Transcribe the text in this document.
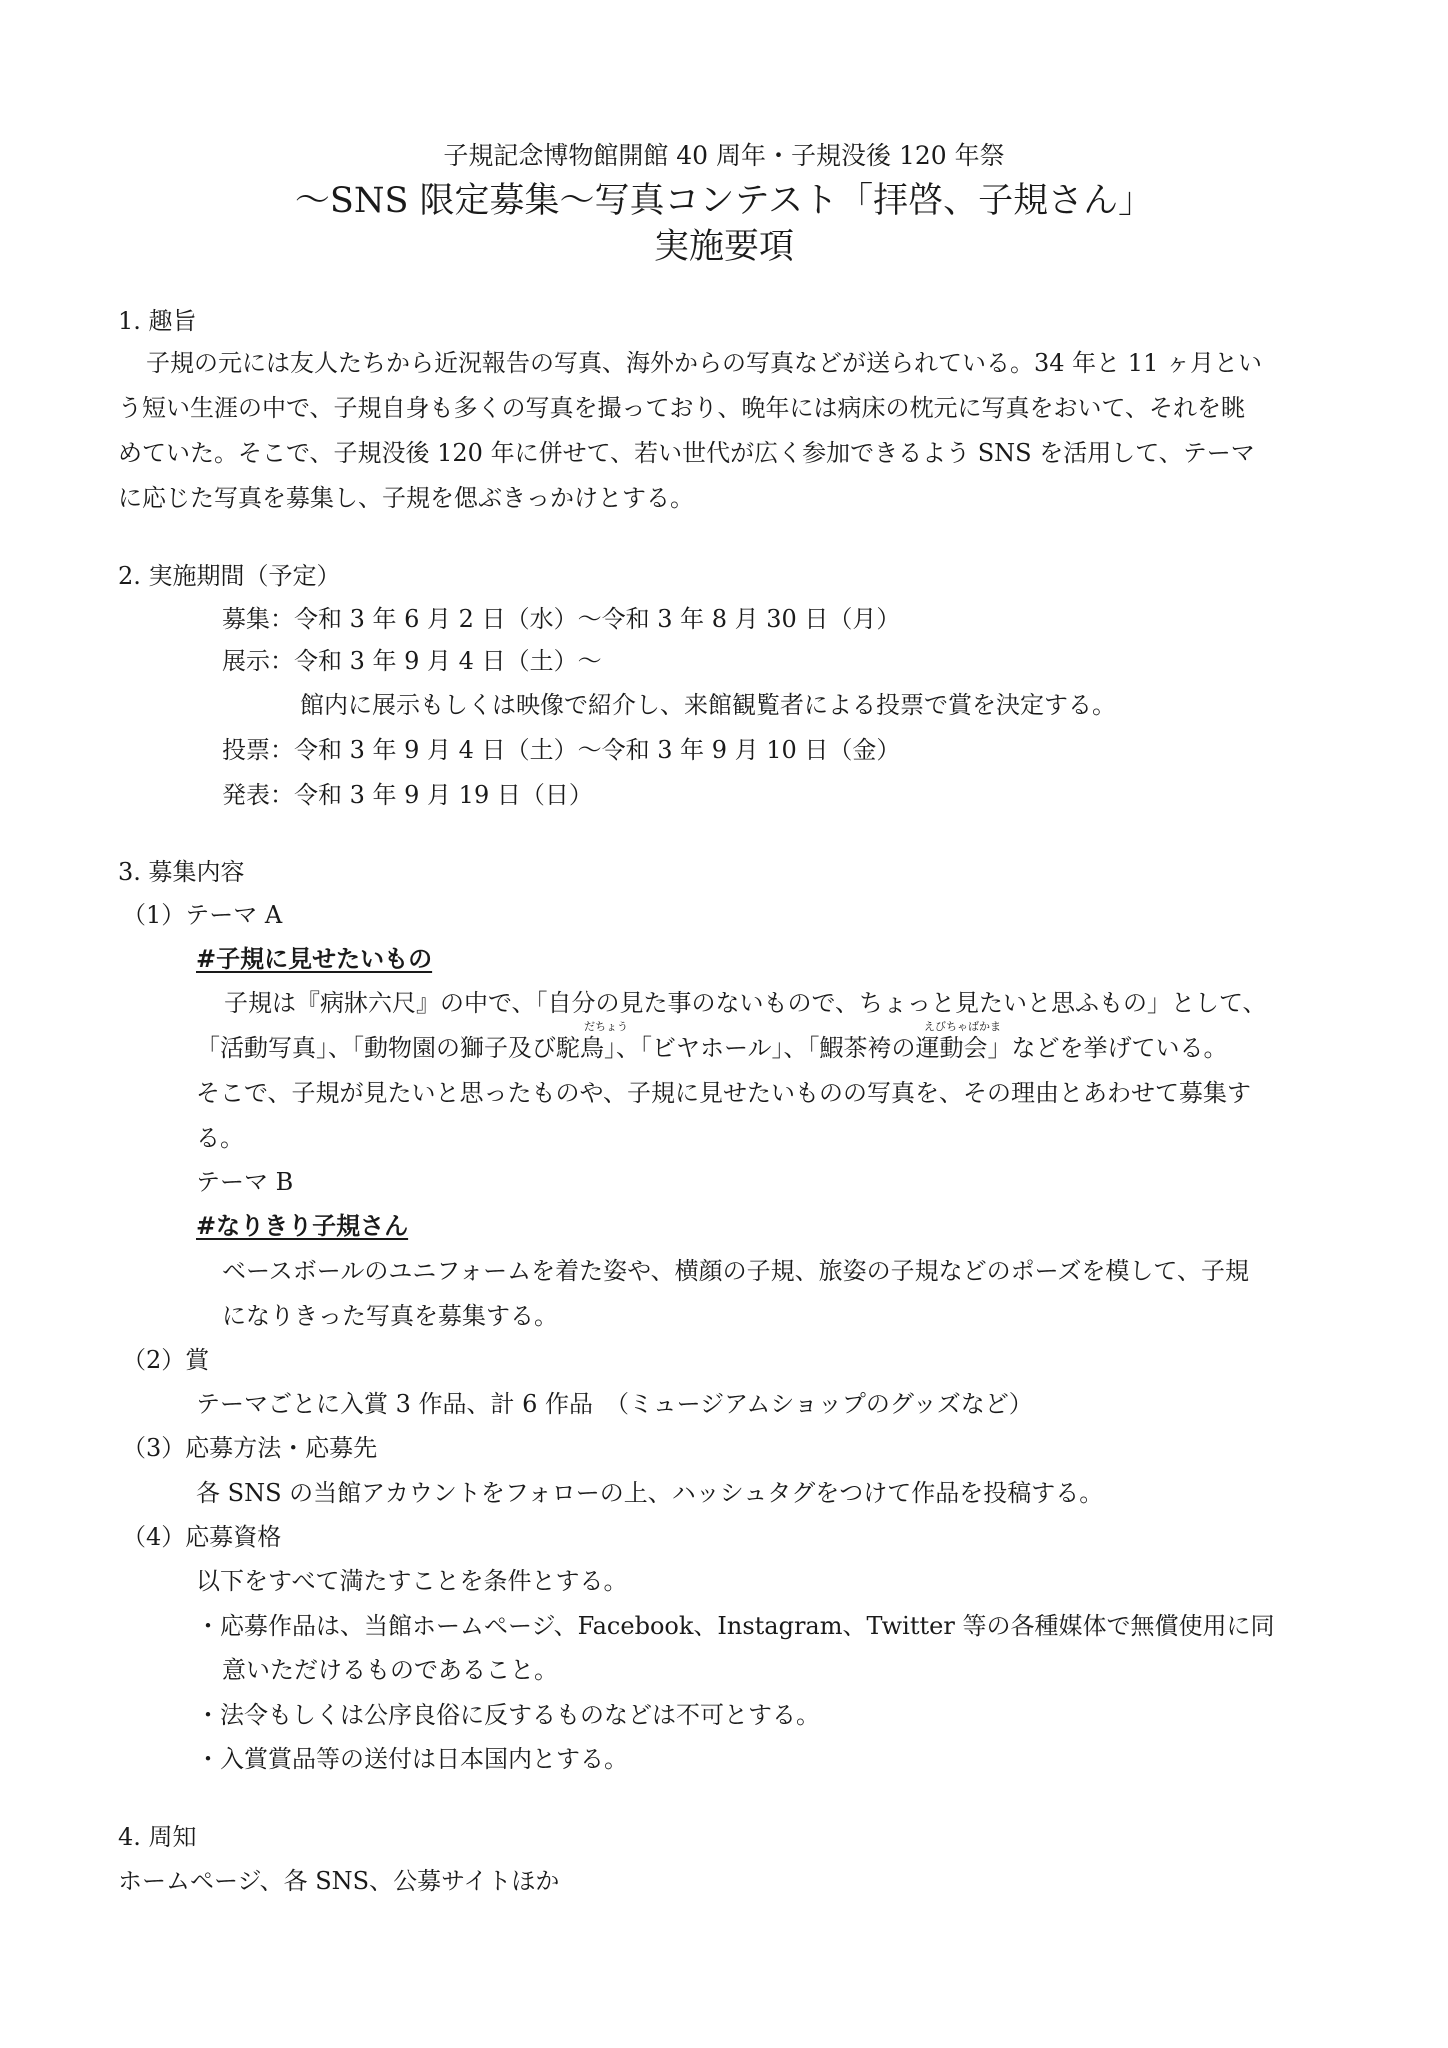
子規記念博物館開館 40 周年・子規没後 120 年祭
～SNS 限定募集～写真コンテスト「拝啓、子規さん」
実施要項
1. 趣旨
子規の元には友人たちから近況報告の写真、海外からの写真などが送られている。34 年と 11 ヶ月とい
う短い生涯の中で、子規自身も多くの写真を撮っており、晩年には病床の枕元に写真をおいて、それを眺
めていた。そこで、子規没後 120 年に併せて、若い世代が広く参加できるよう SNS を活用して、テーマ
に応じた写真を募集し、子規を偲ぶきっかけとする。
2. 実施期間（予定）
募集：令和 3 年 6 月 2 日（水）～令和 3 年 8 月 30 日（月）
展示：令和 3 年 9 月 4 日（土）～
館内に展示もしくは映像で紹介し、来館観覧者による投票で賞を決定する。
投票：令和 3 年 9 月 4 日（土）～令和 3 年 9 月 10 日（金）
発表：令和 3 年 9 月 19 日（日）
3. 募集内容
（1）テーマ A
#子規に見せたいもの
子規は『病牀六尺』の中で、「自分の見た事のないもので、ちょっと見たいと思ふもの」として、
だちょう	えびちゃばかま
「活動写真」、「動物園の獅子及び駝鳥」、「ビヤホール」、「鰕茶袴の運動会」などを挙げている。
そこで、子規が見たいと思ったものや、子規に見せたいものの写真を、その理由とあわせて募集す
る。
テーマ B
#なりきり子規さん
ベースボールのユニフォームを着た姿や、横顔の子規、旅姿の子規などのポーズを模して、子規
になりきった写真を募集する。
（2）賞
テーマごとに入賞 3 作品、計 6 作品　（ミュージアムショップのグッズなど）
（3）応募方法・応募先
各 SNS の当館アカウントをフォローの上、ハッシュタグをつけて作品を投稿する。
（4）応募資格
以下をすべて満たすことを条件とする。
・応募作品は、当館ホームページ、Facebook、Instagram、Twitter 等の各種媒体で無償使用に同
意いただけるものであること。
・法令もしくは公序良俗に反するものなどは不可とする。
・入賞賞品等の送付は日本国内とする。
4. 周知
ホームページ、各 SNS、公募サイトほか
